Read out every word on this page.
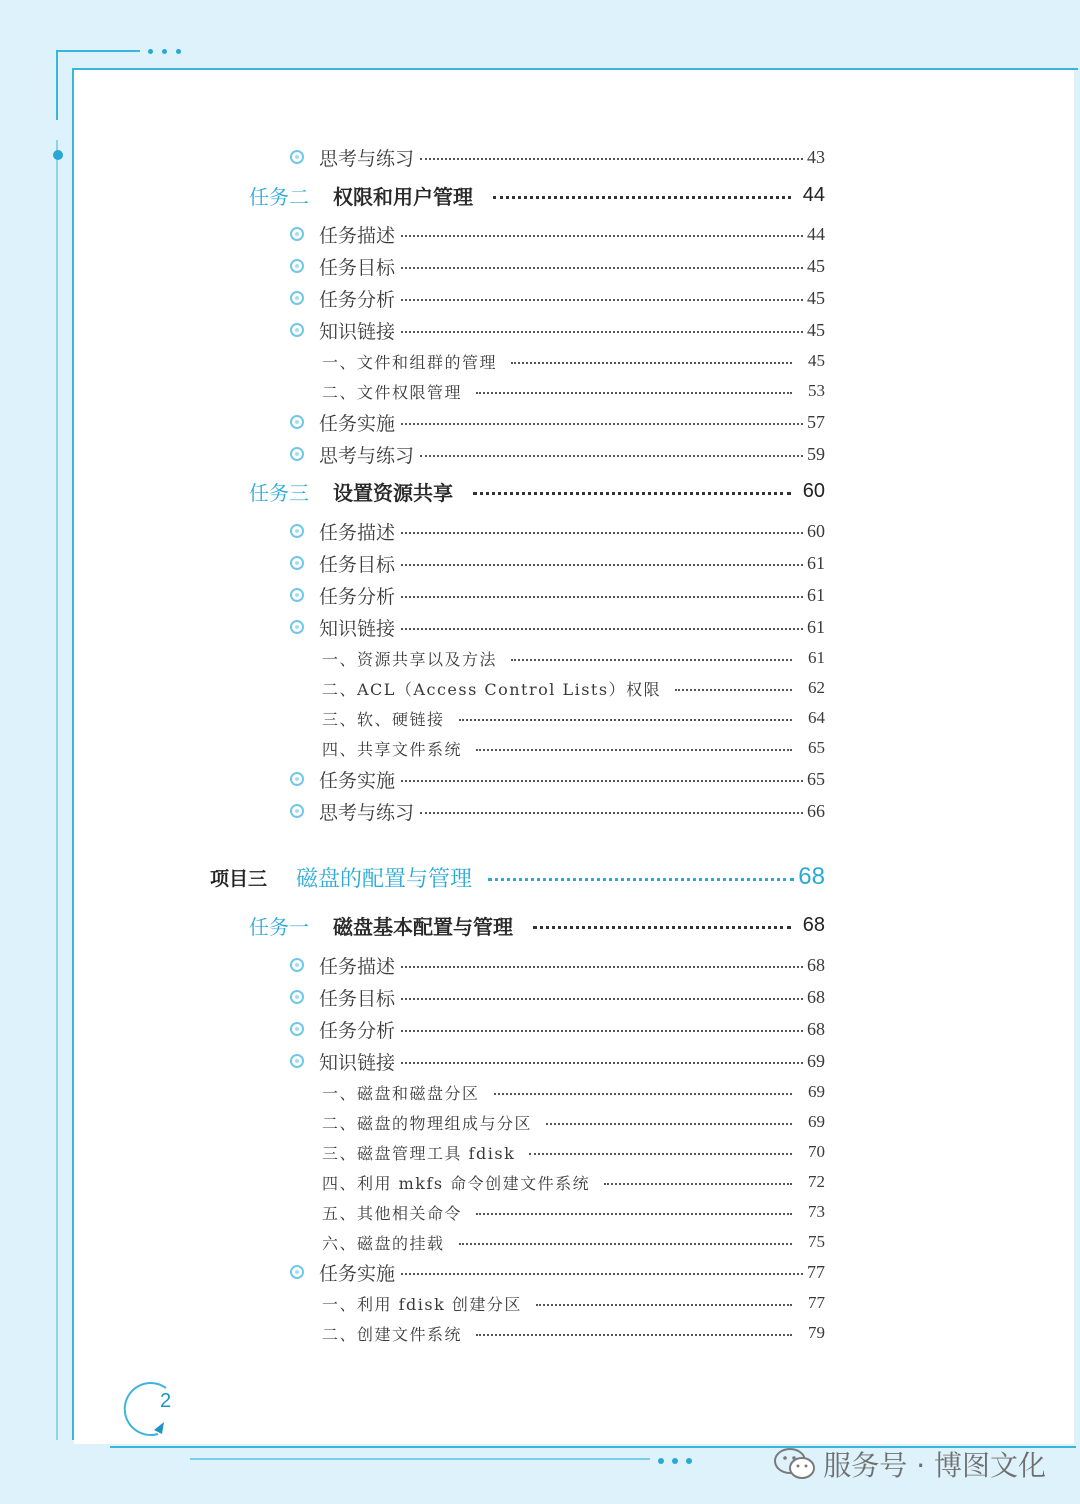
思考与练习	43
任务二	权限和用户管理	44
任务描述	44
任务目标	45
任务分析	45
知识链接	45
一、文件和组群的管理	45
二、文件权限管理	53
任务实施	57
思考与练习	59
任务三	设置资源共享	60
任务描述	60
任务目标	61
任务分析	61
知识链接	61
一、资源共享以及方法	61
二、ACL（Access Control Lists）权限	62
三、软、硬链接	64
四、共享文件系统	65
任务实施	65
思考与练习	66
项目三	磁盘的配置与管理	68
任务一	磁盘基本配置与管理	68
任务描述	68
任务目标	68
任务分析	68
知识链接	69
一、磁盘和磁盘分区	69
二、磁盘的物理组成与分区	69
三、磁盘管理工具 fdisk	70
四、利用 mkfs 命令创建文件系统	72
五、其他相关命令	73
六、磁盘的挂载	75
任务实施	77
一、利用 fdisk 创建分区	77
二、创建文件系统	79
2
服务号 · 博图文化
